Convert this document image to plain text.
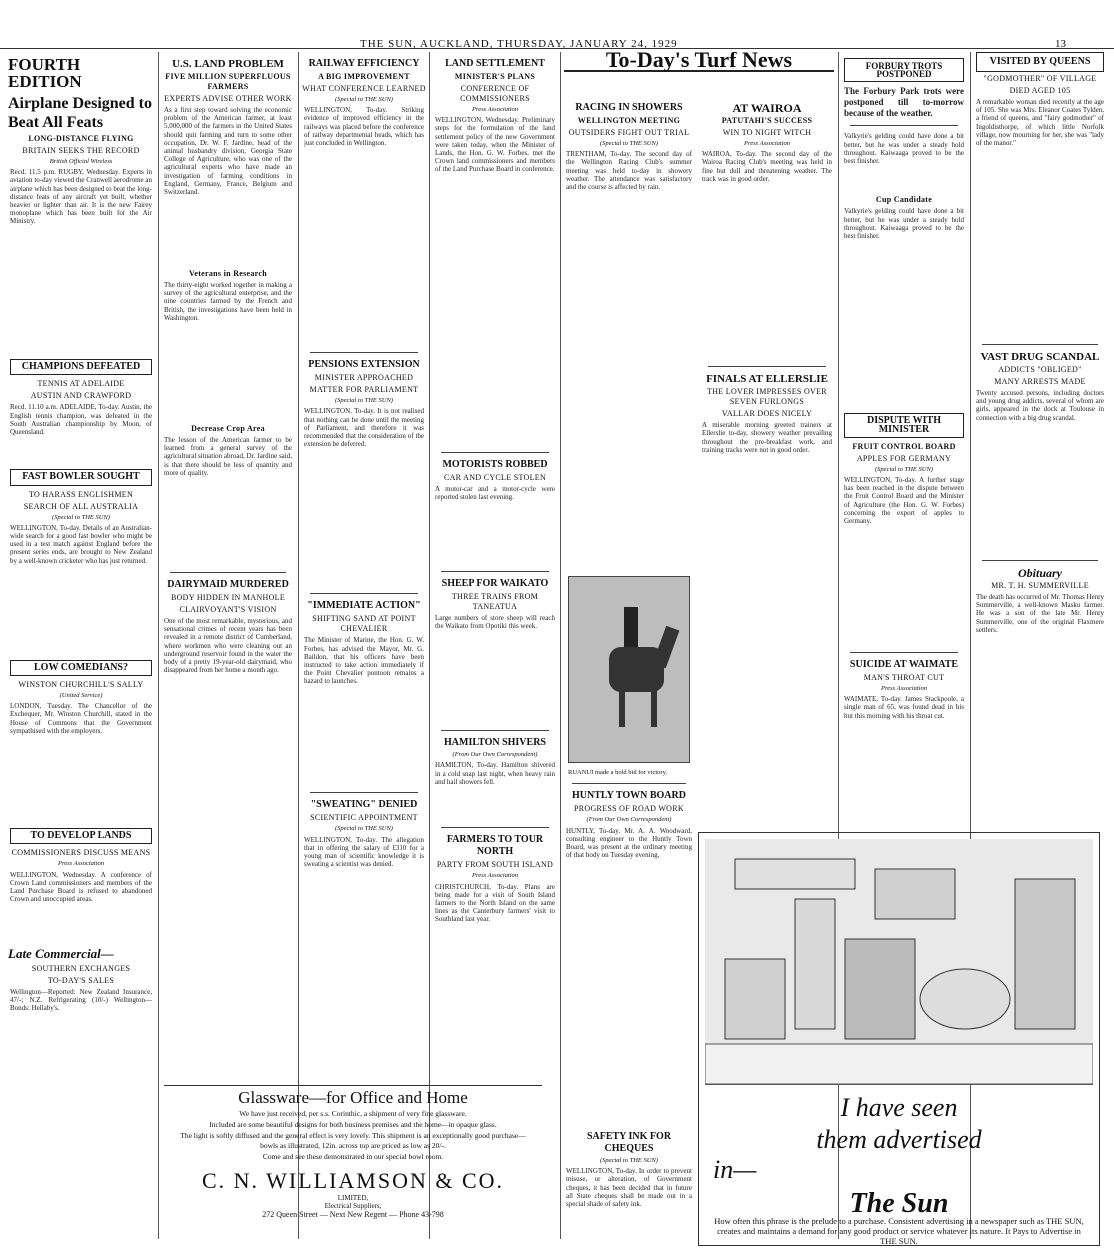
THE SUN, AUCKLAND, THURSDAY, JANUARY 24, 1929	13
FOURTH EDITION
Airplane Designed to Beat All Feats
LONG-DISTANCE FLYING
BRITAIN SEEKS THE RECORD
British Official Wireless
Recd. 11.5 p.m. RUGBY, Wednesday. Experts in aviation to-day viewed the Cranwell aerodrome an airplane which has been designed to beat the long-distance feats of any aircraft yet built, whether heavier or lighter than air. It is the new Fairey monoplane which has been built for the Air Ministry.
CHAMPIONS DEFEATED
TENNIS AT ADELAIDE
AUSTIN AND CRAWFORD
Recd. 11.10 a.m. ADELAIDE, To-day. Austin, the English tennis champion, was defeated in the South Australian championship by Moon, of Queensland.
FAST BOWLER SOUGHT
TO HARASS ENGLISHMEN
SEARCH OF ALL AUSTRALIA
(Special to THE SUN)
WELLINGTON, To-day. Details of an Australian-wide search for a good fast bowler who might be used in a test match against England before the present series ends, are brought to New Zealand by a well-known cricketer who has just returned.
LOW COMEDIANS?
WINSTON CHURCHILL'S SALLY
(United Service)
LONDON, Tuesday. The Chancellor of the Exchequer, Mr. Winston Churchill, stated in the House of Commons that the Government sympathised with the employers.
TO DEVELOP LANDS
COMMISSIONERS DISCUSS MEANS
Press Association
WELLINGTON, Wednesday. A conference of Crown Land commissioners and members of the Land Purchase Board is refused to abandoned Crown and unoccupied areas.
Late Commercial—
SOUTHERN EXCHANGES
TO-DAY'S SALES
Wellington—Reported: New Zealand Insurance, 47/-; N.Z. Refrigerating (10/-) Wellington—Bonds: Hellaby's.
U.S. LAND PROBLEM
FIVE MILLION SUPERFLUOUS FARMERS
EXPERTS ADVISE OTHER WORK
As a first step toward solving the economic problem of the American farmer, at least 5,000,000 of the farmers in the United States should quit farming and turn to some other occupation, Dr. W. F. Jardine, head of the animal husbandry division, Georgia State College of Agriculture, who was one of the agricultural experts who have made an investigation of farming conditions in England, Germany, France, Belgium and Switzerland.
Veterans in Research
The thirty-eight worked together in making a survey of the agricultural enterprise, and the nine countries farmed by the French and British, the investigations have been held in Washington.
Decrease Crop Area
The lesson of the American farmer to be learned from a general survey of the agricultural situation abroad, Dr. Jardine said, is that there should be less of quantity and more of quality.
DAIRYMAID MURDERED
BODY HIDDEN IN MANHOLE
CLAIRVOYANT'S VISION
One of the most remarkable, mysterious, and sensational crimes of recent years has been revealed in a remote district of Cumberland, where workmen who were cleaning out an underground reservoir found in the water the body of a pretty 19-year-old dairymaid, who disappeared from her home a month ago.
RAILWAY EFFICIENCY
A BIG IMPROVEMENT
WHAT CONFERENCE LEARNED
(Special to THE SUN)
WELLINGTON, To-day. Striking evidence of improved efficiency in the railways was placed before the conference of railway departmental heads, which has just concluded in Wellington.
PENSIONS EXTENSION
MINISTER APPROACHED
MATTER FOR PARLIAMENT
(Special to THE SUN)
WELLINGTON, To-day. It is not realised that nothing can be done until the meeting of Parliament, and therefore it was recommended that the consideration of the extension be deferred.
"IMMEDIATE ACTION"
SHIFTING SAND AT POINT CHEVALIER
The Minister of Marine, the Hon. G. W. Forbes, has advised the Mayor, Mr. G. Baildon, that his officers have been instructed to take action immediately if the Point Chevalier pontoon remains a hazard to launches.
"SWEATING" DENIED
SCIENTIFIC APPOINTMENT
(Special to THE SUN)
WELLINGTON, To-day. The allegation that in offering the salary of £310 for a young man of scientific knowledge it is sweating a scientist was denied.
LAND SETTLEMENT
MINISTER'S PLANS
CONFERENCE OF COMMISSIONERS
Press Association
WELLINGTON, Wednesday. Preliminary steps for the formulation of the land settlement policy of the new Government were taken today, when the Minister of Lands, the Hon. G. W. Forbes, met the Crown land commissioners and members of the Land Purchase Board in conference.
MOTORISTS ROBBED
CAR AND CYCLE STOLEN
A motor-car and a motor-cycle were reported stolen last evening.
SHEEP FOR WAIKATO
THREE TRAINS FROM TANEATUA
Large numbers of store sheep will reach the Waikato from Opotiki this week.
HAMILTON SHIVERS
(From Our Own Correspondent)
HAMILTON, To-day. Hamilton shivered in a cold snap last night, when heavy rain and hail showers fell.
FARMERS TO TOUR NORTH
PARTY FROM SOUTH ISLAND
Press Association
CHRISTCHURCH, To-day. Plans are being made for a visit of South Island farmers to the North Island on the same lines as the Canterbury farmers' visit to Southland last year.
Glassware—for Office and Home
We have just received, per s.s. Corinthic, a shipment of very fine glassware.
Included are some beautiful designs for both business premises and the home—in opaque glass.
The light is softly diffused and the general effect is very lovely. This shipment is an exceptionally good purchase—bowls as illustrated, 12in. across top are priced as low as 20/-.
Come and see these demonstrated in our special bowl room.
C. N. WILLIAMSON & CO.
LIMITED,
Electrical Suppliers,
272 Queen Street — Next New Regent — Phone 43-798
To-Day's Turf News
RACING IN SHOWERS
WELLINGTON MEETING
OUTSIDERS FIGHT OUT TRIAL
(Special to THE SUN)
TRENTHAM, To-day. The second day of the Wellington Racing Club's summer meeting was held to-day in showery weather. The attendance was satisfactory and the course is affected by rain.
RUANUI made a bold bid for victory.
HUNTLY TOWN BOARD
PROGRESS OF ROAD WORK
(From Our Own Correspondent)
HUNTLY, To-day. Mr. A. A. Woodward, consulting engineer to the Huntly Town Board, was present at the ordinary meeting of that body on Tuesday evening.
AT WAIROA
PATUTAHI'S SUCCESS
WIN TO NIGHT WITCH
Press Association
WAIROA, To-day. The second day of the Wairoa Racing Club's meeting was held in fine but dull and threatening weather. The track was in good order.
FINALS AT ELLERSLIE
THE LOVER IMPRESSES OVER SEVEN FURLONGS
VALLAR DOES NICELY
A miserable morning greeted trainers at Ellerslie to-day, showery weather prevailing throughout the pre-breakfast work, and training tracks were not in good order.
SAFETY INK FOR CHEQUES
(Special to THE SUN)
WELLINGTON, To-day. In order to prevent misuse, or alteration, of Government cheques, it has been decided that in future all State cheques shall be made out in a special shade of safety ink.
FORBURY TROTS POSTPONED
The Forbury Park trots were postponed till to-morrow because of the weather.
Valkyrie's gelding could have done a bit better, but he was under a steady hold throughout. Kaiwaaga proved to be the best finisher.
Cup Candidate
Valkyrie's gelding could have done a bit better, but he was under a steady hold throughout. Kaiwaaga proved to be the best finisher.
DISPUTE WITH MINISTER
FRUIT CONTROL BOARD
APPLES FOR GERMANY
(Special to THE SUN)
WELLINGTON, To-day. A further stage has been reached in the dispute between the Fruit Control Board and the Minister of Agriculture (the Hon. G. W. Forbes) concerning the export of apples to Germany.
SUICIDE AT WAIMATE
MAN'S THROAT CUT
Press Association
WAIMATE, To-day. James Stackpoole, a single man of 65, was found dead in his hut this morning with his throat cut.
VISITED BY QUEENS
"GODMOTHER" OF VILLAGE
DIED AGED 105
A remarkable woman died recently at the age of 105. She was Mrs. Eleanor Coates Tylden, a friend of queens, and "fairy godmother" of Ingoldisthorpe, of which little Norfolk village, now mourning for her, she was "lady of the manor."
VAST DRUG SCANDAL
ADDICTS "OBLIGED"
MANY ARRESTS MADE
Twenty accused persons, including doctors and young drug addicts, several of whom are girls, appeared in the dock at Toulouse in connection with a big drug scandal.
Obituary
MR. T. H. SUMMERVILLE
The death has occurred of Mr. Thomas Henry Summerville, a well-known Masku farmer. He was a son of the late Mr. Henry Summerville, one of the original Flaxmere settlers.
I have seen
them advertised
in—
The Sun
How often this phrase is the prelude to a purchase. Consistent advertising in a newspaper such as THE SUN, creates and maintains a demand for any good product or service whatever its nature. It Pays to Advertise in THE SUN.
